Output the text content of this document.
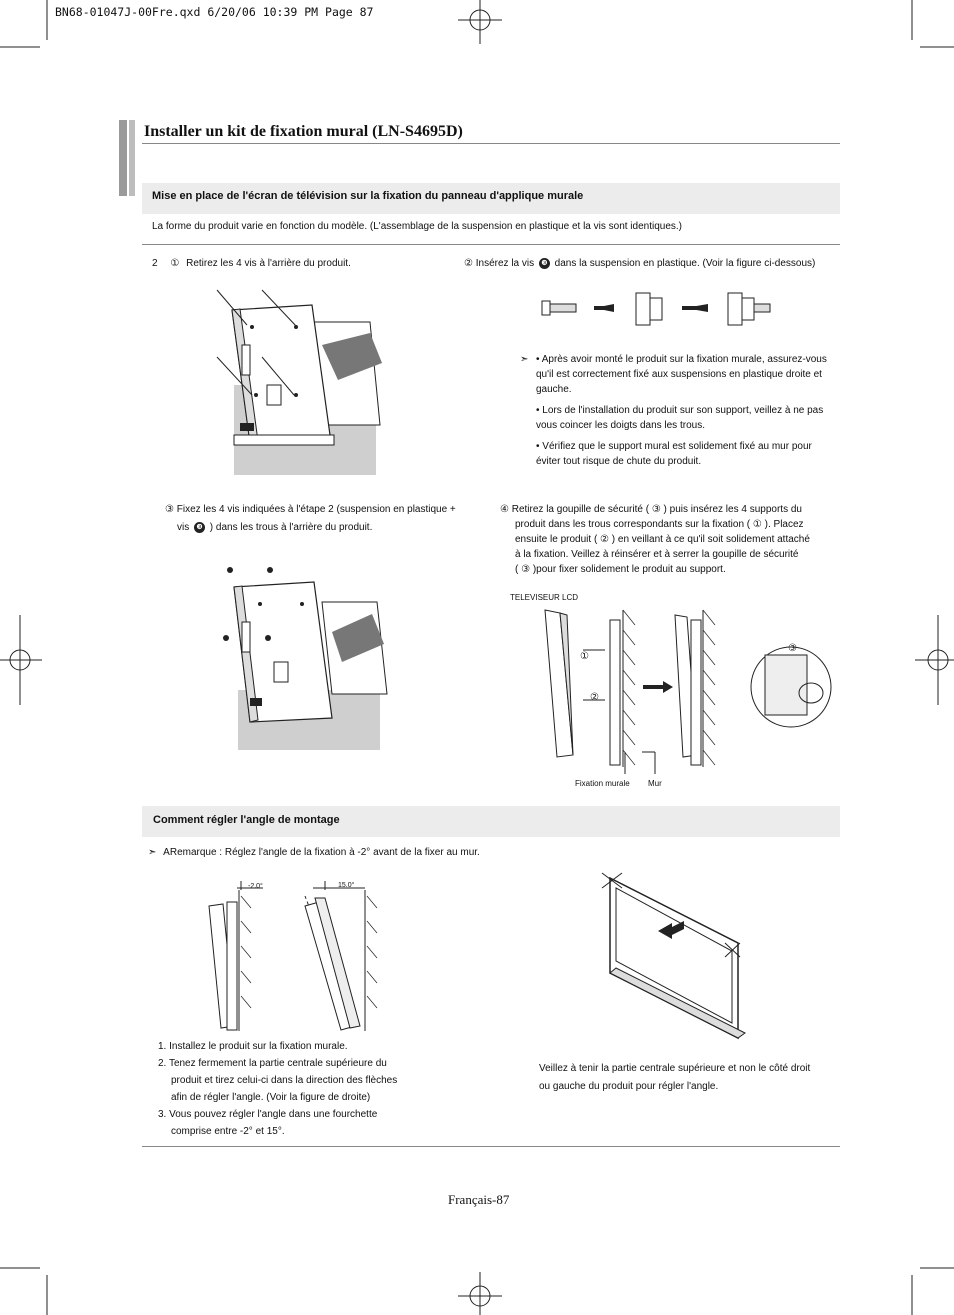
BN68-01047J-00Fre.qxd 6/20/06 10:39 PM Page 87
Installer un kit de fixation mural (LN-S4695D)
Mise en place de l'écran de télévision sur la fixation du panneau d'applique murale
La forme du produit varie en fonction du modèle. (L'assemblage de la suspension en plastique et la vis sont identiques.)
2 ① Retirez les 4 vis à l'arrière du produit.	② Insérez la vis ❸ dans la suspension en plastique. (Voir la figure ci-dessous)
➣ • Après avoir monté le produit sur la fixation murale, assurez-vous qu'il est correctement fixé aux suspensions en plastique droite et gauche.
• Lors de l'installation du produit sur son support, veillez à ne pas vous coincer les doigts dans les trous.
• Vérifiez que le support mural est solidement fixé au mur pour éviter tout risque de chute du produit.
③ Fixez les 4 vis indiquées à l'étape 2 (suspension en plastique +
vis ❸ ) dans les trous à l'arrière du produit.
④ Retirez la goupille de sécurité ( ③ ) puis insérez les 4 supports du
produit dans les trous correspondants sur la fixation ( ① ). Placez
ensuite le produit ( ② ) en veillant à ce qu'il soit solidement attaché
à la fixation. Veillez à réinsérer et à serrer la goupille de sécurité
( ③ )pour fixer solidement le produit au support.
TELEVISEUR LCD
①
②
③
Fixation murale Mur
Comment régler l'angle de montage
➣ ARemarque : Réglez l'angle de la fixation à -2° avant de la fixer au mur.
-2.0°	15.0°
1. Installez le produit sur la fixation murale.
2. Tenez fermement la partie centrale supérieure du
produit et tirez celui-ci dans la direction des flèches
afin de régler l'angle. (Voir la figure de droite)
3. Vous pouvez régler l'angle dans une fourchette
comprise entre -2° et 15°.
Veillez à tenir la partie centrale supérieure et non le côté droit
ou gauche du produit pour régler l'angle.
Français-87
